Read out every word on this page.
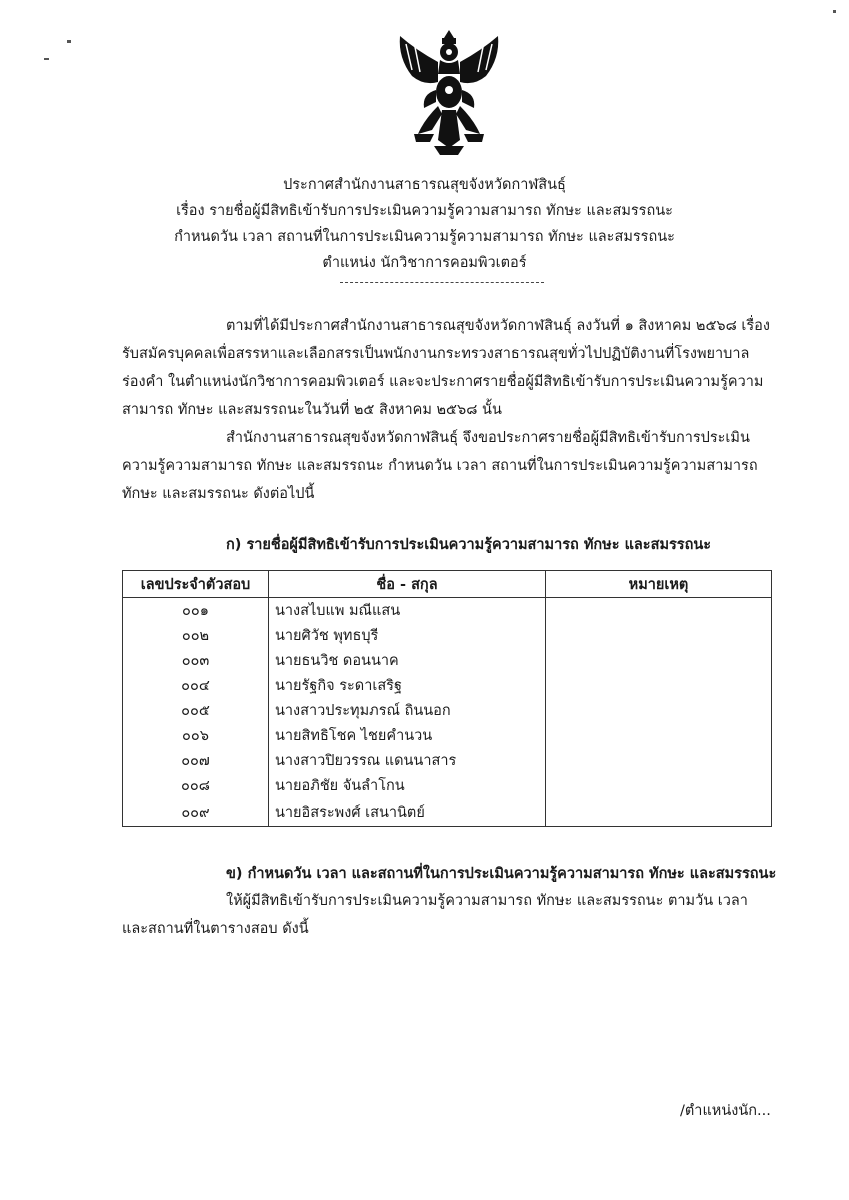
ประกาศสำนักงานสาธารณสุขจังหวัดกาฬสินธุ์
เรื่อง รายชื่อผู้มีสิทธิเข้ารับการประเมินความรู้ความสามารถ ทักษะ และสมรรถนะ
กำหนดวัน เวลา สถานที่ในการประเมินความรู้ความสามารถ ทักษะ และสมรรถนะ
ตำแหน่ง นักวิชาการคอมพิวเตอร์

ตามที่ได้มีประกาศสำนักงานสาธารณสุขจังหวัดกาฬสินธุ์ ลงวันที่ ๑ สิงหาคม ๒๕๖๘ เรื่อง รับสมัครบุคคลเพื่อสรรหาและเลือกสรรเป็นพนักงานกระทรวงสาธารณสุขทั่วไปปฏิบัติงานที่โรงพยาบาลร่องคำ ในตำแหน่งนักวิชาการคอมพิวเตอร์ และจะประกาศรายชื่อผู้มีสิทธิเข้ารับการประเมินความรู้ความสามารถ ทักษะ และสมรรถนะในวันที่ ๒๕ สิงหาคม ๒๕๖๘ นั้น

สำนักงานสาธารณสุขจังหวัดกาฬสินธุ์ จึงขอประกาศรายชื่อผู้มีสิทธิเข้ารับการประเมินความรู้ความสามารถ ทักษะ และสมรรถนะ กำหนดวัน เวลา สถานที่ในการประเมินความรู้ความสามารถ ทักษะ และสมรรถนะ ดังต่อไปนี้

ก) รายชื่อผู้มีสิทธิเข้ารับการประเมินความรู้ความสามารถ ทักษะ และสมรรถนะ
เลขประจำตัวสอบ	ชื่อ - สกุล	หมายเหตุ
๐๐๑	นางสไบแพ มณีแสน	
๐๐๒	นายศิวัช พุทธบุรี	
๐๐๓	นายธนวิช ดอนนาค	
๐๐๔	นายรัฐกิจ ระดาเสริฐ	
๐๐๕	นางสาวประทุมภรณ์ ถินนอก	
๐๐๖	นายสิทธิโชค ไชยคำนวน	
๐๐๗	นางสาวปิยวรรณ แดนนาสาร	
๐๐๘	นายอภิชัย จันลำโกน	
๐๐๙	นายอิสระพงศ์ เสนานิตย์	
ข) กำหนดวัน เวลา และสถานที่ในการประเมินความรู้ความสามารถ ทักษะ และสมรรถนะ

ให้ผู้มีสิทธิเข้ารับการประเมินความรู้ความสามารถ ทักษะ และสมรรถนะ ตามวัน เวลา และสถานที่ในตารางสอบ ดังนี้

/ตำแหน่งนัก...
